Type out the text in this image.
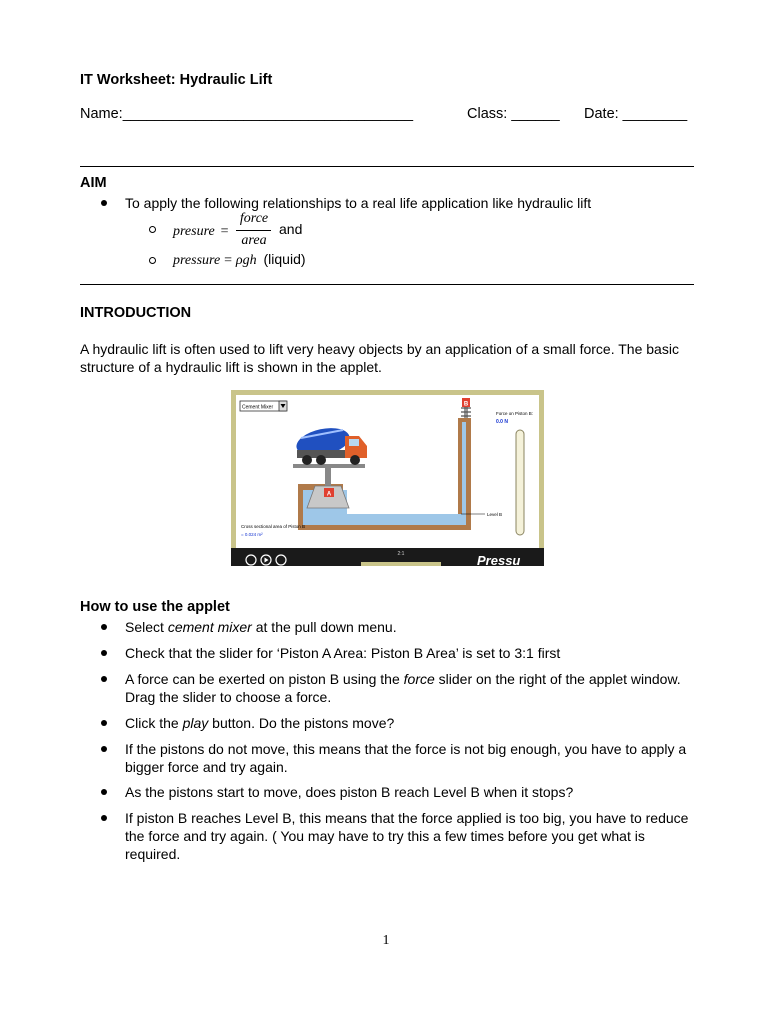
IT Worksheet: Hydraulic Lift
Name:____________________________________	Class: ______ Date: ________
AIM
To apply the following relationships to a real life application like hydraulic lift
presure =
force
area
and
pressure = ρgh (liquid)
INTRODUCTION
A hydraulic lift is often used to lift very heavy objects by an application of a small force. The basic structure of a hydraulic lift is shown in the applet.
Cement Mixer	B
A
Level B
Force on Piston B:
0.0 N
Cross sectional area of Piston B
= 0.024 m²
2:1	Pressu
How to use the applet
Select cement mixer at the pull down menu.
Check that the slider for ‘Piston A Area: Piston B Area’ is set to 3:1 first
A force can be exerted on piston B using the force slider on the right of the applet window. Drag the slider to choose a force.
Click the play button. Do the pistons move?
If the pistons do not move, this means that the force is not big enough, you have to apply a bigger force and try again.
As the pistons start to move, does piston B reach Level B when it stops?
If piston B reaches Level B, this means that the force applied is too big, you have to reduce the force and try again. ( You may have to try this a few times before you get what is required.
1
